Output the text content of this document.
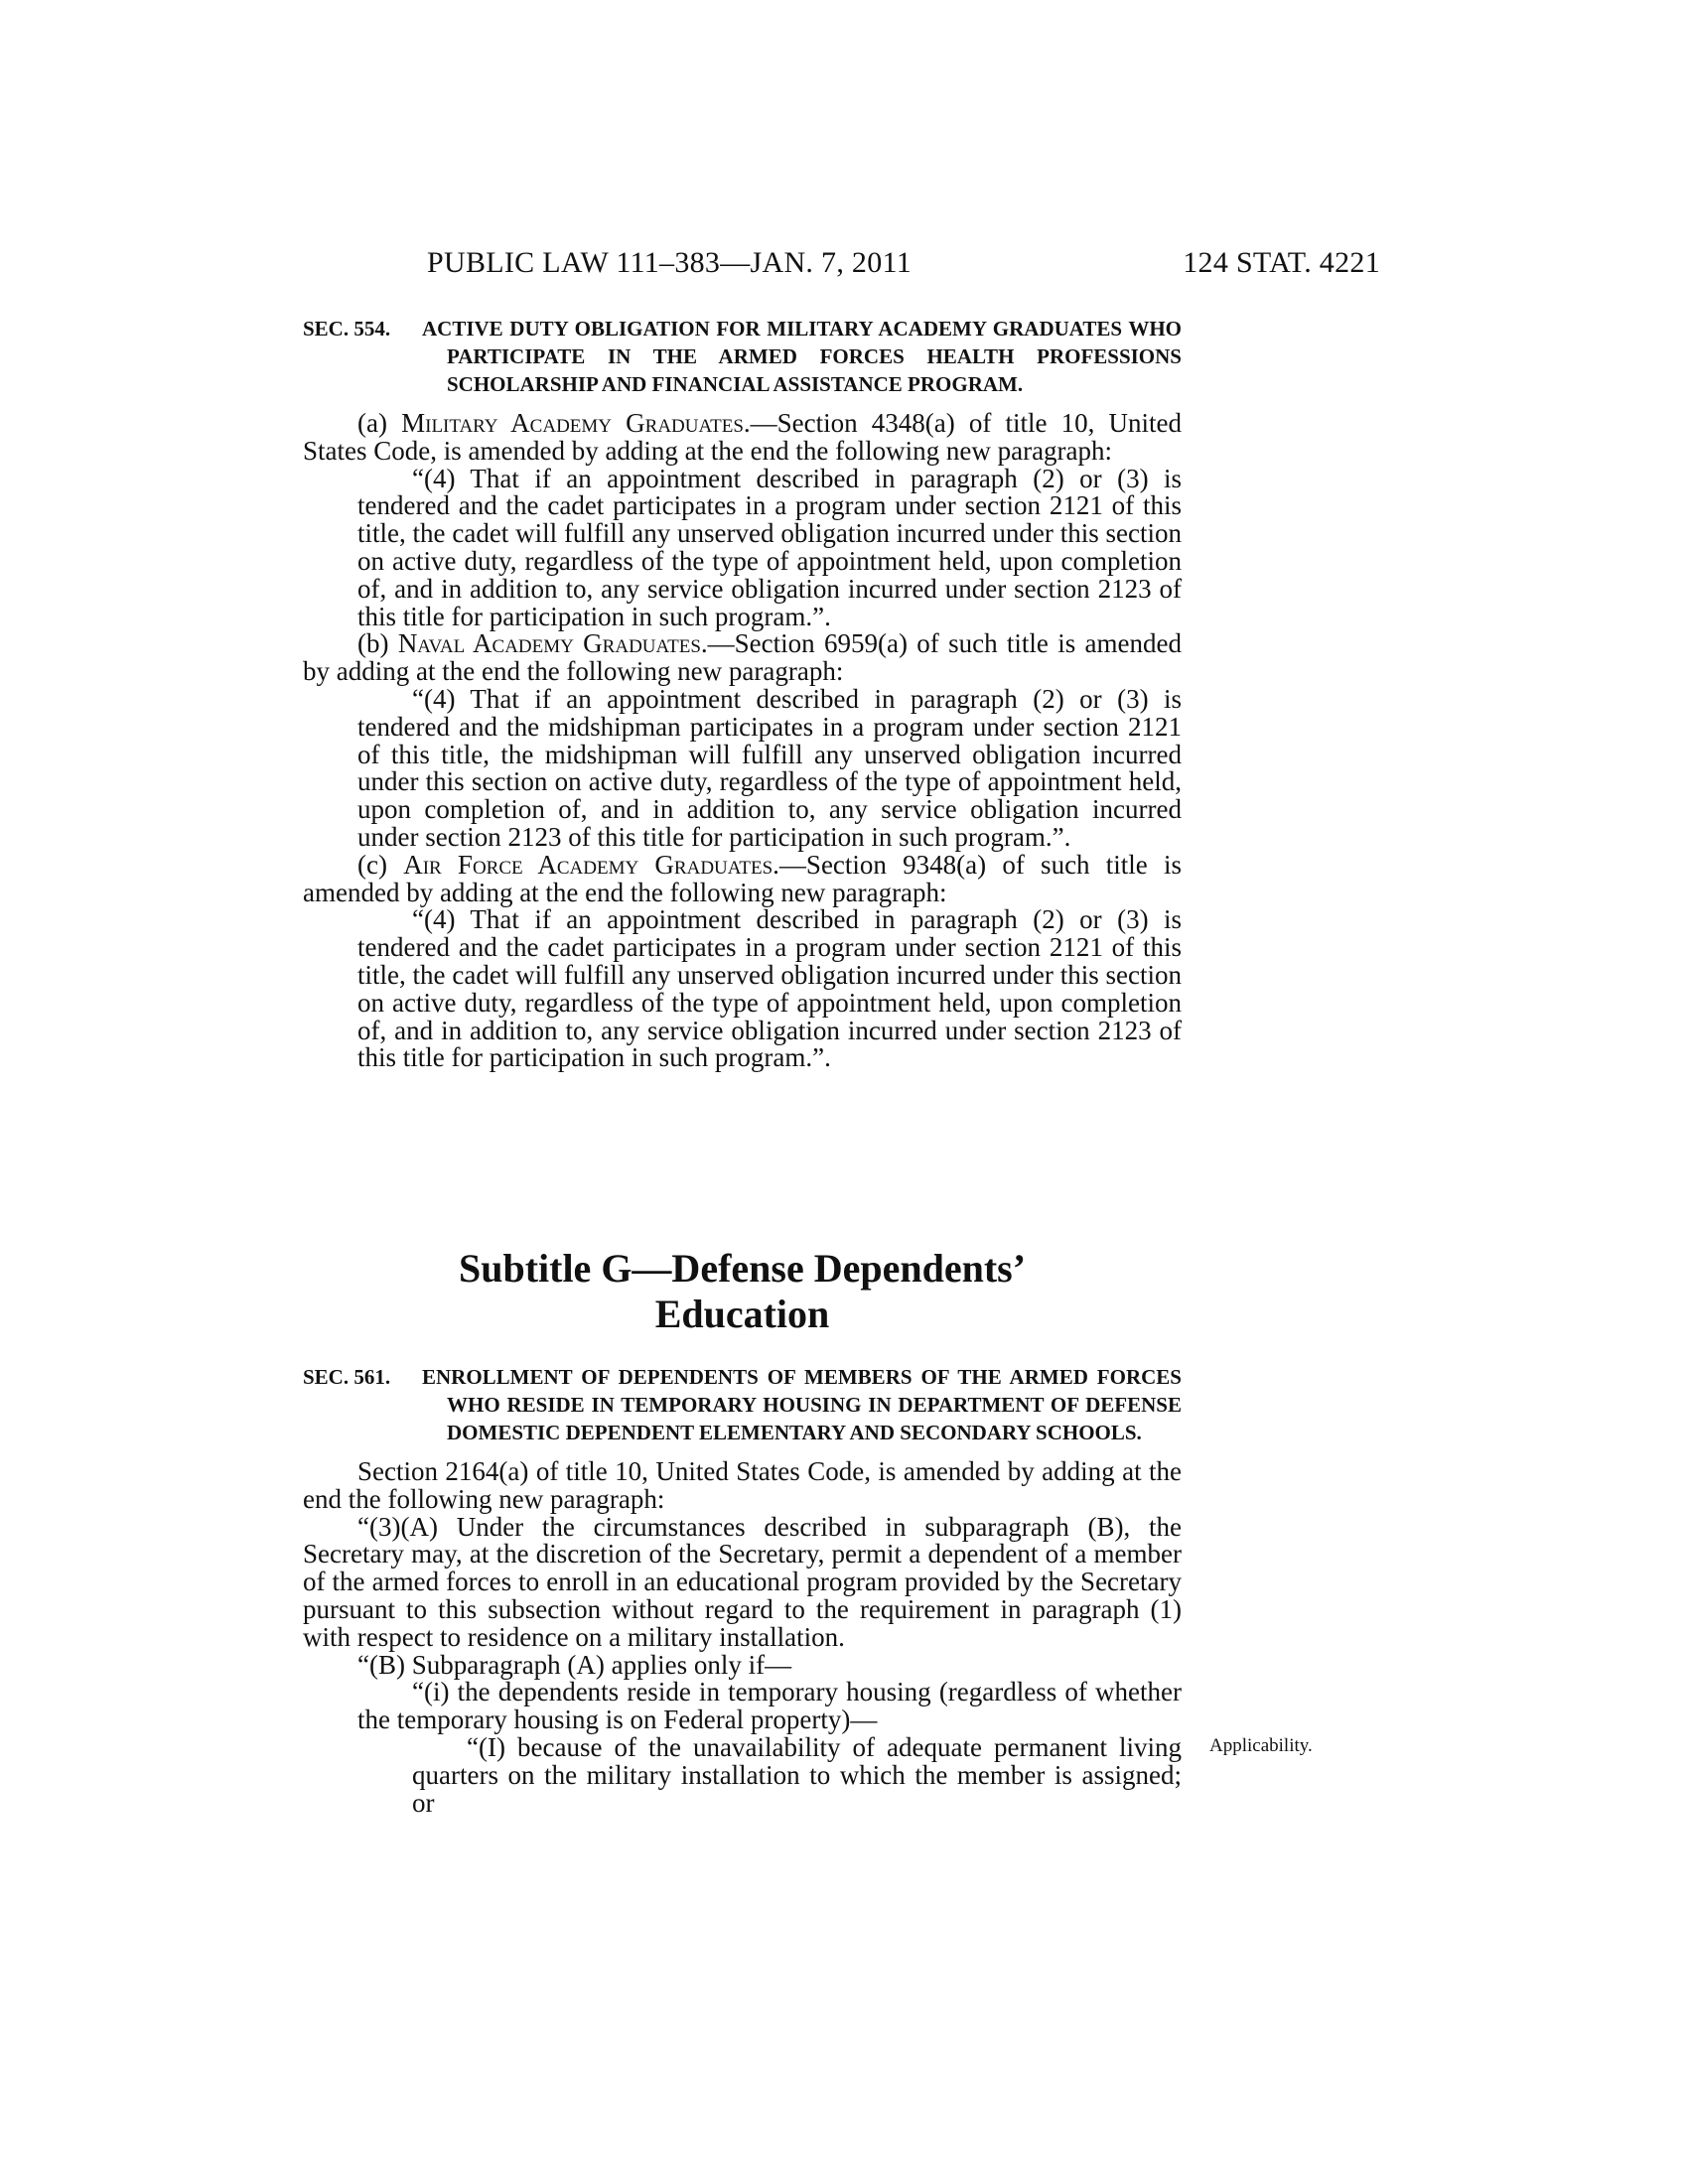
PUBLIC LAW 111–383—JAN. 7, 2011	124 STAT. 4221

SEC. 554. ACTIVE DUTY OBLIGATION FOR MILITARY ACADEMY GRADUATES WHO PARTICIPATE IN THE ARMED FORCES HEALTH PROFESSIONS SCHOLARSHIP AND FINANCIAL ASSISTANCE PROGRAM.

(a) Military Academy Graduates.—Section 4348(a) of title 10, United States Code, is amended by adding at the end the following new paragraph:

“(4) That if an appointment described in paragraph (2) or (3) is tendered and the cadet participates in a program under section 2121 of this title, the cadet will fulfill any unserved obligation incurred under this section on active duty, regardless of the type of appointment held, upon completion of, and in addition to, any service obligation incurred under section 2123 of this title for participation in such program.”.

(b) Naval Academy Graduates.—Section 6959(a) of such title is amended by adding at the end the following new paragraph:

“(4) That if an appointment described in paragraph (2) or (3) is tendered and the midshipman participates in a program under section 2121 of this title, the midshipman will fulfill any unserved obligation incurred under this section on active duty, regardless of the type of appointment held, upon completion of, and in addition to, any service obligation incurred under section 2123 of this title for participation in such program.”.

(c) Air Force Academy Graduates.—Section 9348(a) of such title is amended by adding at the end the following new paragraph:

“(4) That if an appointment described in paragraph (2) or (3) is tendered and the cadet participates in a program under section 2121 of this title, the cadet will fulfill any unserved obligation incurred under this section on active duty, regardless of the type of appointment held, upon completion of, and in addition to, any service obligation incurred under section 2123 of this title for participation in such program.”.

Subtitle G—Defense Dependents’

Education

SEC. 561. ENROLLMENT OF DEPENDENTS OF MEMBERS OF THE ARMED FORCES WHO RESIDE IN TEMPORARY HOUSING IN DEPARTMENT OF DEFENSE DOMESTIC DEPENDENT ELEMENTARY AND SECONDARY SCHOOLS.

Section 2164(a) of title 10, United States Code, is amended by adding at the end the following new paragraph:

“(3)(A) Under the circumstances described in subparagraph (B), the Secretary may, at the discretion of the Secretary, permit a dependent of a member of the armed forces to enroll in an educational program provided by the Secretary pursuant to this subsection without regard to the requirement in paragraph (1) with respect to residence on a military installation.

“(B) Subparagraph (A) applies only if—

“(i) the dependents reside in temporary housing (regardless of whether the temporary housing is on Federal property)—

“(I) because of the unavailability of adequate permanent living quarters on the military installation to which the member is assigned; or

Applicability.
